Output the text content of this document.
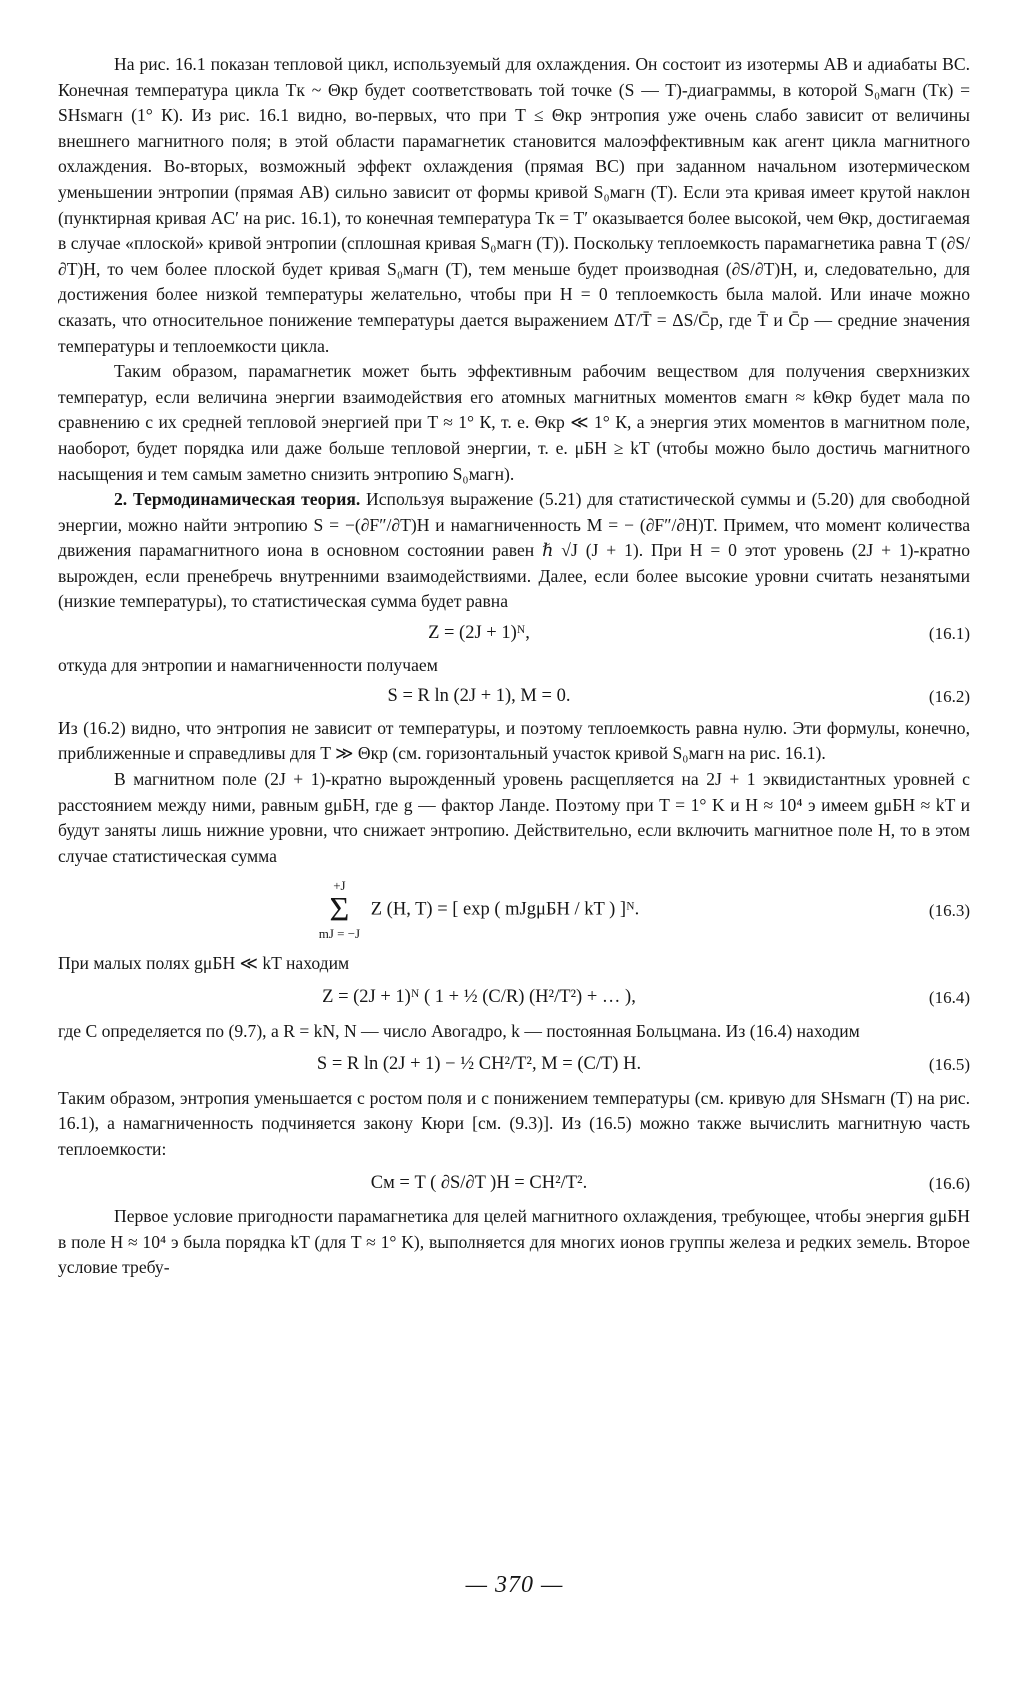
На рис. 16.1 показан тепловой цикл, используемый для охлаждения. Он состоит из изотермы AB и адиабаты BC. Конечная температура цикла Tк ~ Θкр будет соответствовать той точке (S — T)-диаграммы, в которой S₀магн (Tк) = SHsмагн (1° К). Из рис. 16.1 видно, во-первых, что при T ≤ Θкр энтропия уже очень слабо зависит от величины внешнего магнитного поля; в этой области парамагнетик становится малоэффективным как агент цикла магнитного охлаждения. Во-вторых, возможный эффект охлаждения (прямая BC) при заданном начальном изотермическом уменьшении энтропии (прямая AB) сильно зависит от формы кривой S₀магн (T). Если эта кривая имеет крутой наклон (пунктирная кривая AC′ на рис. 16.1), то конечная температура Tк = T′ оказывается более высокой, чем Θкр, достигаемая в случае «плоской» кривой энтропии (сплошная кривая S₀магн (T)). Поскольку теплоемкость парамагнетика равна T (∂S/∂T)H, то чем более плоской будет кривая S₀магн (T), тем меньше будет производная (∂S/∂T)H, и, следовательно, для достижения более низкой температуры желательно, чтобы при H = 0 теплоемкость была малой. Или иначе можно сказать, что относительное понижение температуры дается выражением ΔT/T̄ = ΔS/C̄p, где T̄ и C̄p — средние значения температуры и теплоемкости цикла.

Таким образом, парамагнетик может быть эффективным рабочим веществом для получения сверхнизких температур, если величина энергии взаимодействия его атомных магнитных моментов εмагн ≈ kΘкр будет мала по сравнению с их средней тепловой энергией при T ≈ 1° К, т. е. Θкр ≪ 1° К, а энергия этих моментов в магнитном поле, наоборот, будет порядка или даже больше тепловой энергии, т. е. μБH ≥ kT (чтобы можно было достичь магнитного насыщения и тем самым заметно снизить энтропию S₀магн).

2. Термодинамическая теория. Используя выражение (5.21) для статистической суммы и (5.20) для свободной энергии, можно найти энтропию S = −(∂F″/∂T)H и намагниченность M = − (∂F″/∂H)T. Примем, что момент количества движения парамагнитного иона в основном состоянии равен ℏ √J (J + 1). При H = 0 этот уровень (2J + 1)-кратно вырожден, если пренебречь внутренними взаимодействиями. Далее, если более высокие уровни считать незанятыми (низкие температуры), то статистическая сумма будет равна

Z = (2J + 1)ᴺ,	(16.1)

откуда для энтропии и намагниченности получаем

S = R ln (2J + 1), M = 0.	(16.2)

Из (16.2) видно, что энтропия не зависит от температуры, и поэтому теплоемкость равна нулю. Эти формулы, конечно, приближенные и справедливы для T ≫ Θкр (см. горизонтальный участок кривой S₀магн на рис. 16.1).

В магнитном поле (2J + 1)-кратно вырожденный уровень расщепляется на 2J + 1 эквидистантных уровней с расстоянием между ними, равным gμБH, где g — фактор Ланде. Поэтому при T = 1° K и H ≈ 10⁴ э имеем gμБH ≈ kT и будут заняты лишь нижние уровни, что снижает энтропию. Действительно, если включить магнитное поле H, то в этом случае статистическая сумма

+J
Σ
mJ = −J
Z (H, T) = [ exp ( mJgμБH / kT ) ]ᴺ.	(16.3)

При малых полях gμБH ≪ kT находим

Z = (2J + 1)ᴺ ( 1 + ½ (C/R) (H²/T²) + … ),	(16.4)

где C определяется по (9.7), а R = kN, N — число Авогадро, k — постоянная Больцмана. Из (16.4) находим

S = R ln (2J + 1) − ½ CH²/T², M = (C/T) H.	(16.5)

Таким образом, энтропия уменьшается с ростом поля и с понижением температуры (см. кривую для SHsмагн (T) на рис. 16.1), а намагниченность подчиняется закону Кюри [см. (9.3)]. Из (16.5) можно также вычислить магнитную часть теплоемкости:

Cм = T ( ∂S/∂T )H = CH²/T².	(16.6)

Первое условие пригодности парамагнетика для целей магнитного охлаждения, требующее, чтобы энергия gμБH в поле H ≈ 10⁴ э была порядка kT (для T ≈ 1° K), выполняется для многих ионов группы железа и редких земель. Второе условие требу-

— 370 —
